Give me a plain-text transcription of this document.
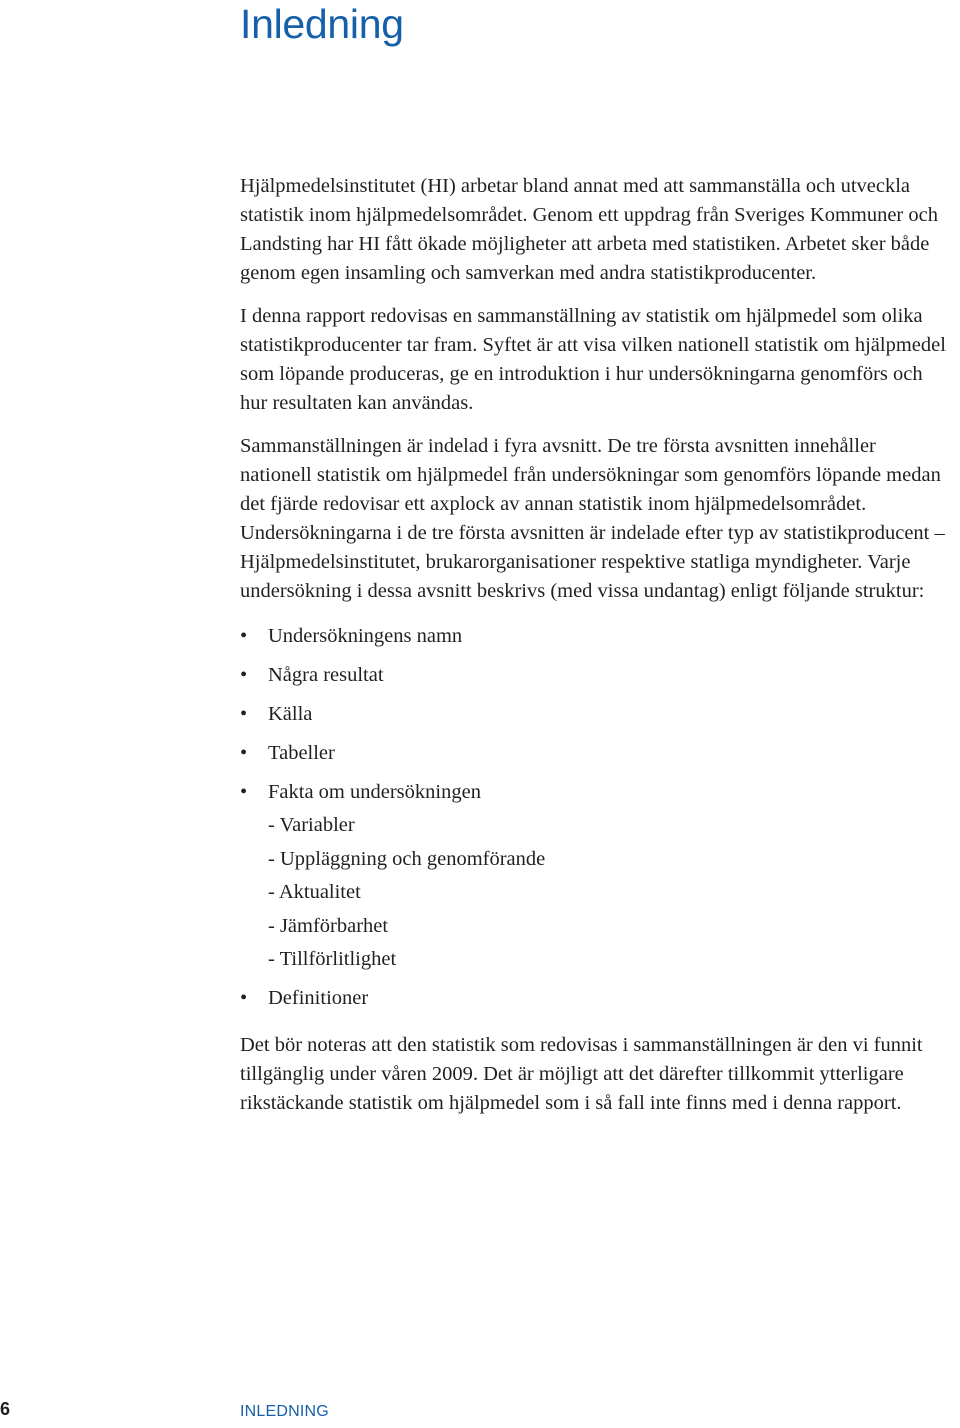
Inledning

Hjälpmedelsinstitutet (HI) arbetar bland annat med att sammanställa och utveckla statistik inom hjälpmedelsområdet. Genom ett uppdrag från Sveriges Kommuner och Landsting har HI fått ökade möjligheter att arbeta med statistiken. Arbetet sker både genom egen insamling och samverkan med andra statistikproducenter.

I denna rapport redovisas en sammanställning av statistik om hjälpmedel som olika statistikproducenter tar fram. Syftet är att visa vilken nationell statistik om hjälpmedel som löpande produceras, ge en introduktion i hur undersökningarna genomförs och hur resultaten kan användas.

Sammanställningen är indelad i fyra avsnitt. De tre första avsnitten innehåller nationell statistik om hjälpmedel från undersökningar som genomförs löpande medan det fjärde redovisar ett axplock av annan statistik inom hjälpmedelsområdet. Undersökningarna i de tre första avsnitten är indelade efter typ av statistikproducent – Hjälpmedelsinstitutet, brukarorganisationer respektive statliga myndigheter. Varje undersökning i dessa avsnitt beskrivs (med vissa undantag) enligt följande struktur:

• Undersökningens namn
• Några resultat
• Källa
• Tabeller
• Fakta om undersökningen
- Variabler
- Uppläggning och genomförande
- Aktualitet
- Jämförbarhet
- Tillförlitlighet
• Definitioner

Det bör noteras att den statistik som redovisas i sammanställningen är den vi funnit tillgänglig under våren 2009. Det är möjligt att det därefter tillkommit ytterligare rikstäckande statistik om hjälpmedel som i så fall inte finns med i denna rapport.

6	INLEDNING
